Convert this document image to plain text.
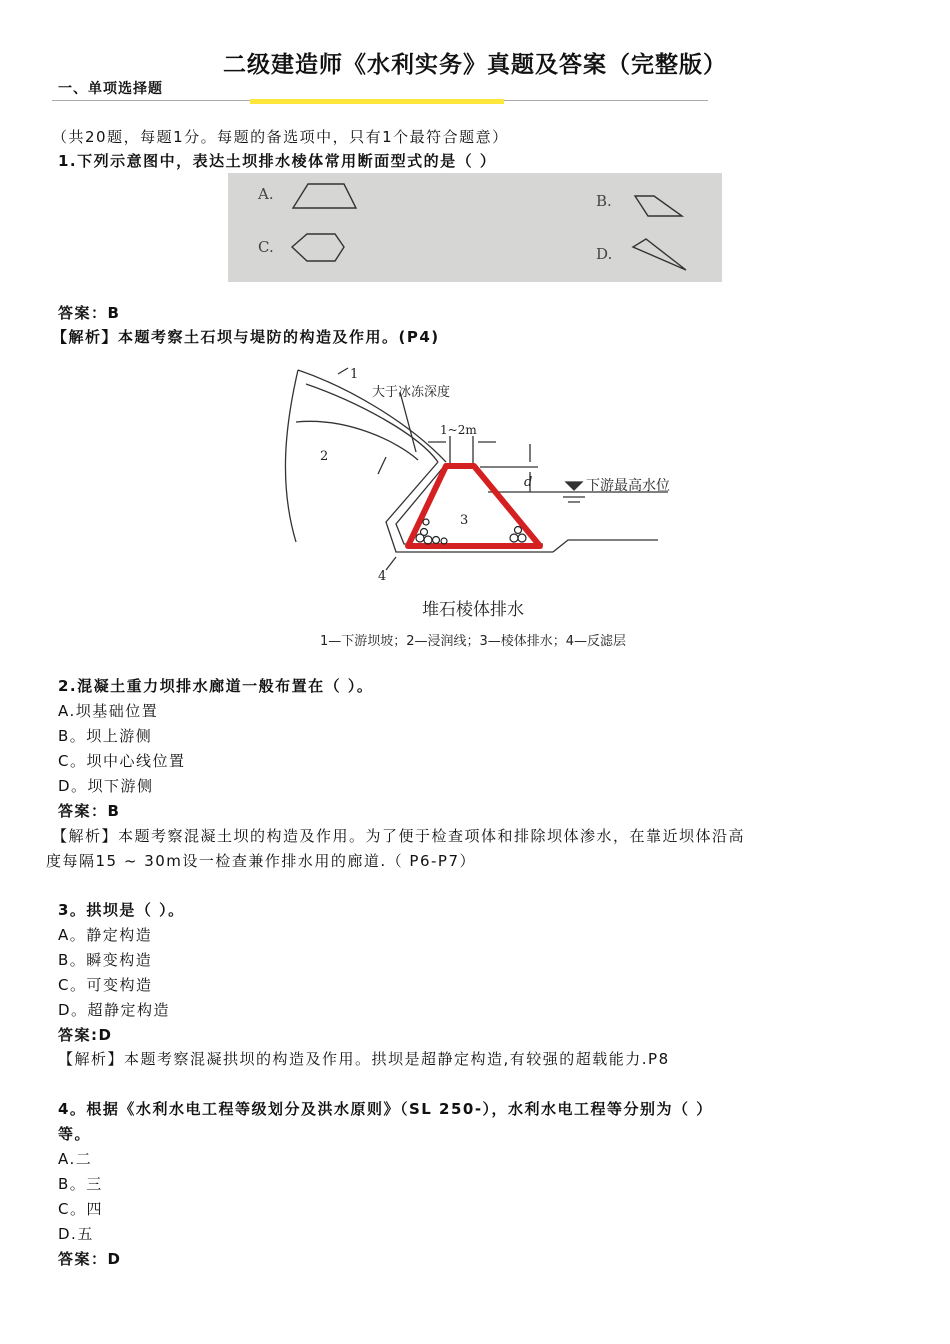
二级建造师《水利实务》真题及答案（完整版）
一、单项选择题
（共20题，每题1分。每题的备选项中，只有1个最符合题意）
1.下列示意图中，表达土坝排水棱体常用断面型式的是（ ）
A.	B.
C.	D.
答案：B
【解析】本题考察土石坝与堤防的构造及作用。(P4)
1
2
3
4
大于冰冻深度
1~2m
d	下游最高水位
堆石棱体排水
1—下游坝坡；2—浸润线；3—棱体排水；4—反滤层
2.混凝土重力坝排水廊道一般布置在（ ）。
A.坝基础位置
B。坝上游侧
C。坝中心线位置
D。坝下游侧
答案：B
【解析】本题考察混凝土坝的构造及作用。为了便于检查项体和排除坝体渗水，在靠近坝体沿高
度每隔15 ~ 30m设一检查兼作排水用的廊道.（ P6-P7）
3。拱坝是（ ）。
A。静定构造
B。瞬变构造
C。可变构造
D。超静定构造
答案:D
【解析】本题考察混凝拱坝的构造及作用。拱坝是超静定构造,有较强的超载能力.P8
4。根据《水利水电工程等级划分及洪水原则》（SL 250-），水利水电工程等分别为（ ）
等。
A.二
B。三
C。四
D.五
答案：D
